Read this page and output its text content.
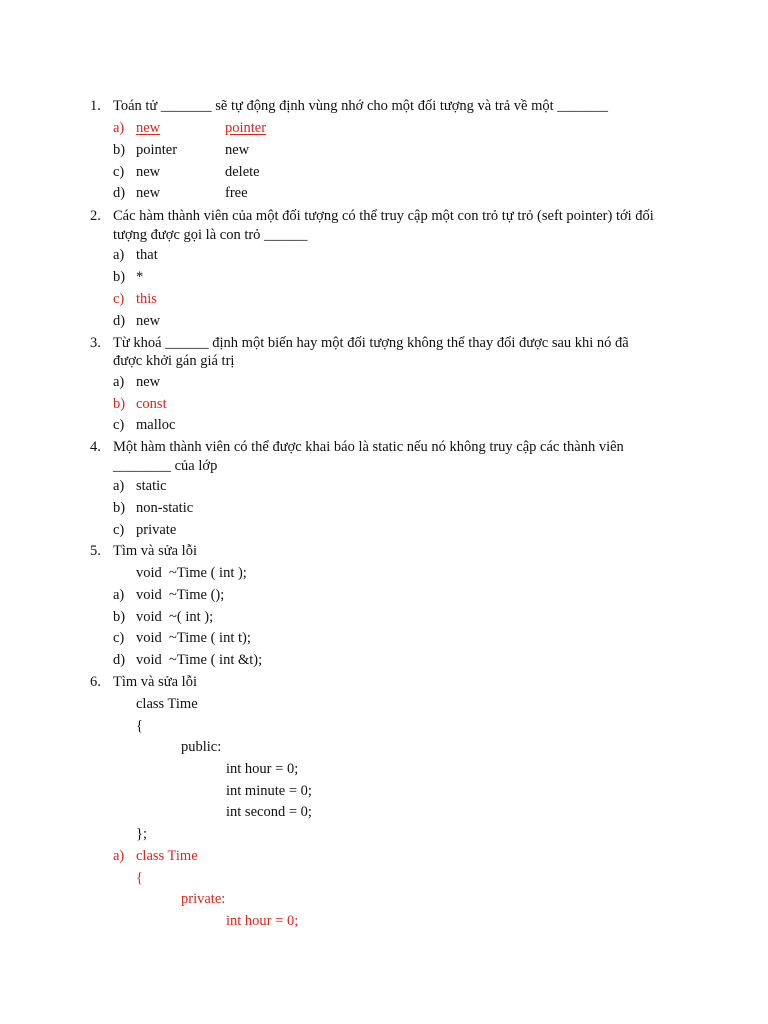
1. Toán tử _______ sẽ tự động định vùng nhớ cho một đối tượng và trả về một _______
a) new	pointer
b) pointer	new
c) new	delete
d) new	free
2. Các hàm thành viên của một đối tượng có thể truy cập một con trỏ tự trỏ (seft pointer) tới đối
tượng được gọi là con trỏ ______
a) that
b) *
c) this
d) new
3. Từ khoá ______ định một biến hay một đối tượng không thể thay đổi được sau khi nó đã
được khởi gán giá trị
a) new
b) const
c) malloc
4. Một hàm thành viên có thể được khai báo là static nếu nó không truy cập các thành viên
________ của lớp
a) static
b) non-static
c) private
5. Tìm và sửa lỗi
void  ~Time ( int );
a) void  ~Time ();
b) void  ~( int );
c) void  ~Time ( int t);
d) void  ~Time ( int &t);
6. Tìm và sửa lỗi
class Time
{
public:
int hour = 0;
int minute = 0;
int second = 0;
};
a) class Time
{
private:
int hour = 0;
